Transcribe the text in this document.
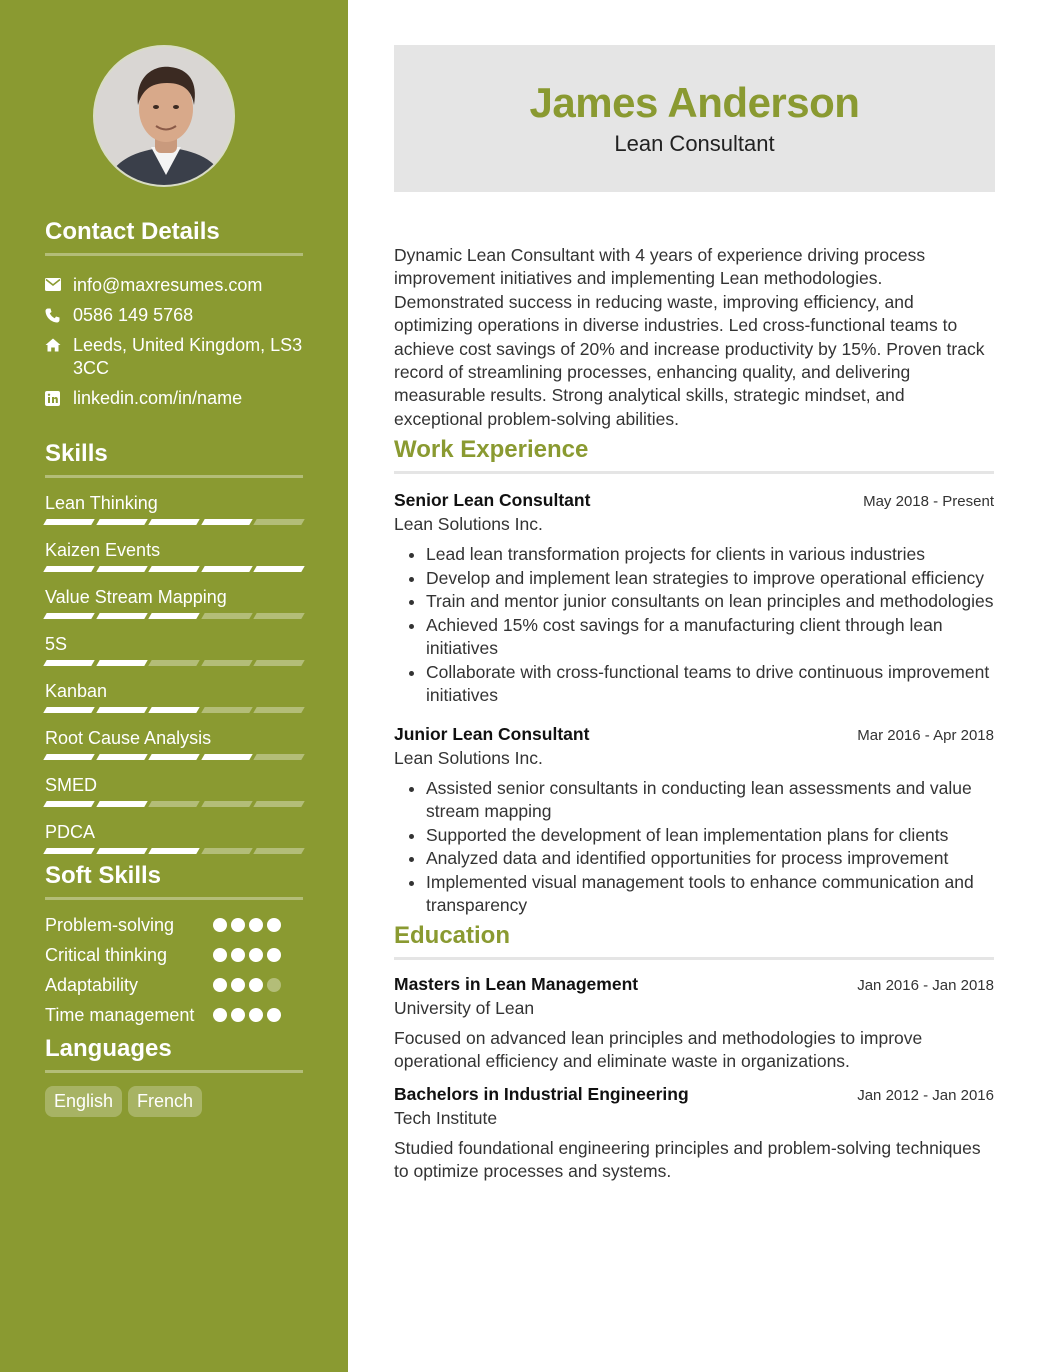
Contact Details
info@maxresumes.com
0586 149 5768
Leeds, United Kingdom, LS3 3CC
linkedin.com/in/name
Skills
Lean Thinking
Kaizen Events
Value Stream Mapping
5S
Kanban
Root Cause Analysis
SMED
PDCA
Soft Skills
Problem-solving
Critical thinking
Adaptability
Time management
Languages
English	French
James Anderson
Lean Consultant

Dynamic Lean Consultant with 4 years of experience driving process improvement initiatives and implementing Lean methodologies. Demonstrated success in reducing waste, improving efficiency, and optimizing operations in diverse industries. Led cross-functional teams to achieve cost savings of 20% and increase productivity by 15%. Proven track record of streamlining processes, enhancing quality, and delivering measurable results. Strong analytical skills, strategic mindset, and exceptional problem-solving abilities.

Work Experience
Senior Lean Consultant	May 2018 - Present
Lean Solutions Inc.
• Lead lean transformation projects for clients in various industries
• Develop and implement lean strategies to improve operational efficiency
• Train and mentor junior consultants on lean principles and methodologies
• Achieved 15% cost savings for a manufacturing client through lean initiatives
• Collaborate with cross-functional teams to drive continuous improvement initiatives
Junior Lean Consultant	Mar 2016 - Apr 2018
Lean Solutions Inc.
• Assisted senior consultants in conducting lean assessments and value stream mapping
• Supported the development of lean implementation plans for clients
• Analyzed data and identified opportunities for process improvement
• Implemented visual management tools to enhance communication and transparency
Education
Masters in Lean Management	Jan 2016 - Jan 2018
University of Lean

Focused on advanced lean principles and methodologies to improve operational efficiency and eliminate waste in organizations.

Bachelors in Industrial Engineering	Jan 2012 - Jan 2016
Tech Institute

Studied foundational engineering principles and problem-solving techniques to optimize processes and systems.
